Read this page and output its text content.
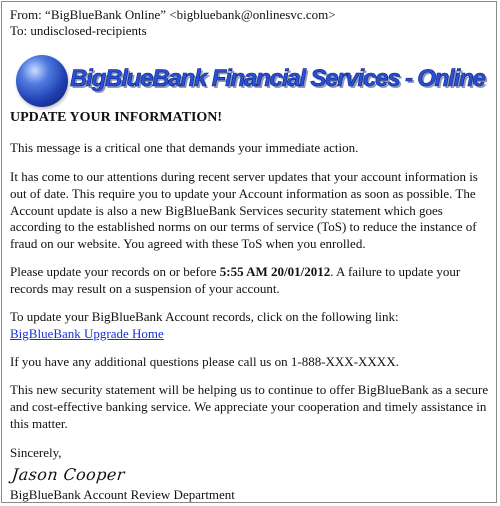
From: “BigBlueBank Online” <bigbluebank@onlinesvc.com>
To: undisclosed-recipients
BigBlueBank Financial Services - Online
UPDATE YOUR INFORMATION!
This message is a critical one that demands your immediate action.
It has come to our attentions during recent server updates that your account information is out of date. This require you to update your Account information as soon as possible. The Account update is also a new BigBlueBank Services security statement which goes according to the established norms on our terms of service (ToS) to reduce the instance of fraud on our website. You agreed with these ToS when you enrolled.
Please update your records on or before 5:55 AM 20/01/2012. A failure to update your records may result on a suspension of your account.
To update your BigBlueBank Account records, click on the following link:
BigBlueBank Upgrade Home
If you have any additional questions please call us on 1-888-XXX-XXXX.
This new security statement will be helping us to continue to offer BigBlueBank as a secure and cost-effective banking service. We appreciate your cooperation and timely assistance in this matter.
Sincerely,
Jason Cooper
BigBlueBank Account Review Department
